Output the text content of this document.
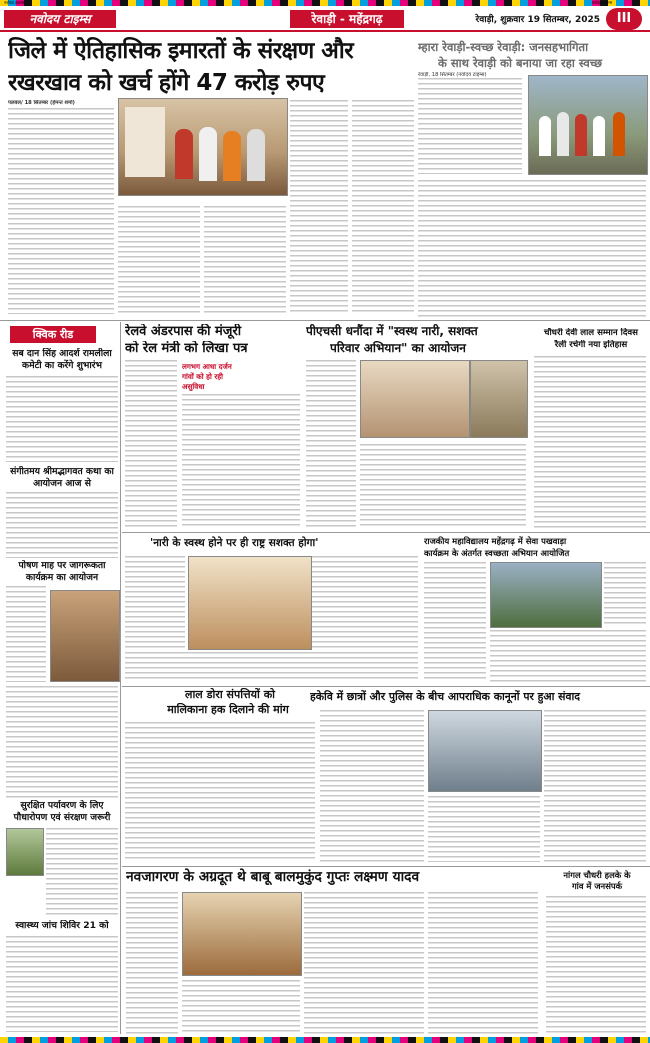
नवोदय टाइम्स
नवोदय टाइम्स	रेवाड़ी - महेंद्रगढ़	रेवाड़ी, शुक्रवार 19 सितम्बर, 2025	III
नवोदय टाइम्स
जिले में ऐतिहासिक इमारतों के संरक्षण और
रखरखाव को खर्च होंगे 47 करोड़ रुपए
म्हारा रेवाड़ी-स्वच्छ रेवाड़ी: जनसहभागिता
के साथ रेवाड़ी को बनाया जा रहा स्वच्छ
पलवल/ 18 सितम्बर (हेमन्त शर्मा)
रेवाड़ी, 18 सितम्बर (नवोदय टाइम्स)
क्विक रीड
सब दान सिंह आदर्श रामलीला कमेटी का करेंगे शुभारंभ
संगीतमय श्रीमद्भागवत कथा का आयोजन आज से
पोषण माह पर जागरूकता कार्यक्रम का आयोजन
सुरक्षित पर्यावरण के लिए पौधारोपण एवं संरक्षण जरूरी
स्वास्थ्य जांच शिविर 21 को
रेलवे अंडरपास की मंजूरी
को रेल मंत्री को लिखा पत्र
लगभग आधा दर्जन
गांवों को हो रही
असुविधा
पीएचसी धनौंदा में "स्वस्थ नारी, सशक्त
परिवार अभियान" का आयोजन
चौधरी देवी लाल सम्मान दिवस
रैली रचेगी नया इतिहास
'नारी के स्वस्थ होने पर ही राष्ट्र सशक्त होगा'	राजकीय महाविद्यालय महेंद्रगढ़ में सेवा पखवाड़ा
कार्यक्रम के अंतर्गत स्वच्छता अभियान आयोजित
लाल डोरा संपत्तियों को
मालिकाना हक दिलाने की मांग
हकेवि में छात्रों और पुलिस के बीच आपराधिक कानूनों पर हुआ संवाद
नवजागरण के अग्रदूत थे बाबू बालमुकुंद गुप्तः लक्ष्मण यादव	नांगल चौधरी हलके के
गांव में जनसंपर्क
